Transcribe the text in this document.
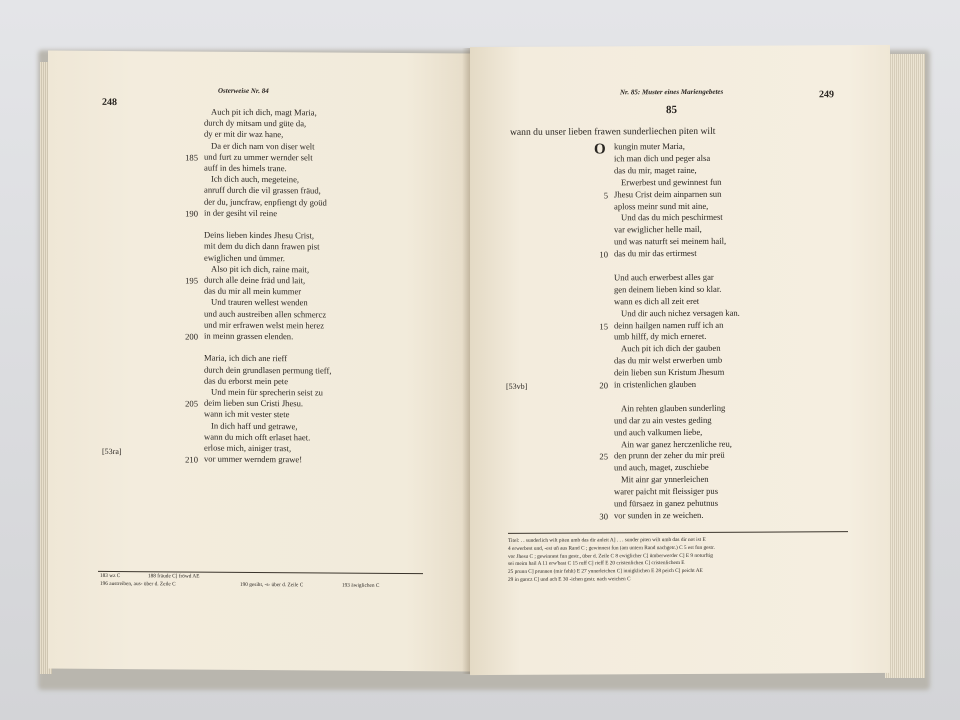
248
Osterweise Nr. 84
Auch pit ich dich, magt Maria,
durch dy mitsam und güte da,
dy er mit dir waz hane,
Da er dich nam von diser welt
185 und furt zu ummer wernder selt
auff in des himels trane.
Ich dich auch, megeteine,
anruff durch die vil grassen fräud,
der du, juncfraw, enpfiengt dy goüd
190 in der gesiht vil reine
Deins lieben kindes Jhesu Crist,
mit dem du dich dann frawen pist
ewiglichen und ümmer.
Also pit ich dich, raine mait,
195 durch alle deine fräd und lait,
das du mir all mein kummer
Und trauren wellest wenden
und auch austreiben allen schmercz
und mir erfrawen welst mein herez
200 in meinn grassen elenden.
Maria, ich dich ane rieff
durch dein grundlasen permung tieff,
das du erborst mein pete
Und mein für sprecherin seist zu
205 deim lieben sun Cristi Jhesu.
wann ich mit vester stete
In dich haff und getrawe,
wann du mich offt erlaset haet.
erlose mich, ainiger trast,
210 vor ummer werndem grawe!
[53ra]
183 wz C	188 fräude C] fröwd AE
196 austreiben, aus- über d. Zeile C	190 gesiht, -s- über d. Zeile C	193 äwiglichen C
Nr. 85: Muster eines Mariengebetes	249
85
wann du unser lieben frawen sunderliechen piten wilt
O kungin muter Maria,
ich man dich und peger alsa
das du mir, maget raine,
Erwerbest und gewinnest fun
5 Jhesu Crist deim ainparnen sun
aploss meinr sund mit aine,
Und das du mich peschirmest
var ewiglicher helle mail,
und was naturft sei meinem hail,
10 das du mir das ertirmest
Und auch erwerbest alles gar
gen deinem lieben kind so klar.
wann es dich all zeit eret
Und dir auch nichez versagen kan.
15 deinn hailgen namen ruff ich an
umb hilff, dy mich erneret.
Auch pit ich dich der gauben
das du mir welst erwerben umb
dein lieben sun Kristum Jhesum
20 in cristenlichen glauben
Ain rehten glauben sunderling
und dar zu ain vestes geding
und auch valkumen liebe,
Ain war ganez herczenliche reu,
25 den prunn der zeher du mir preü
und auch, maget, zuschiebe
Mit ainr gar ynnerleichen
warer paicht mit fleissiger pus
und fürsaez in ganez pehutnus
30 vor sunden in ze weichen.
[53vb]
Titel: . . sunderlich wilt piten umb das dir anleit A] . . . sunder piten wilt umb das dir not ist E
4 erwerbest und, -est uñ aus Rand C ; gewinnest fun (am untern Rand nachgetr.) C 5 est fun gestr.
vor Jhesu C ; gewinnest fun gestr., über d. Zeile C 8 ewiglicher C] ümberwerder C] E 9 noturftig
sei meim hail A 11 erw'bast C 15 ruff C] rieff E 20 cristenlichen C] cristenlichem E
25 prunn C] prunnen (mir fehlt) E 27 ynnerleichen C] innigklichen E 28 peich C] peicht AE
29 in gancz C] und ach E 30 -ichen gestr. nach weichen C
